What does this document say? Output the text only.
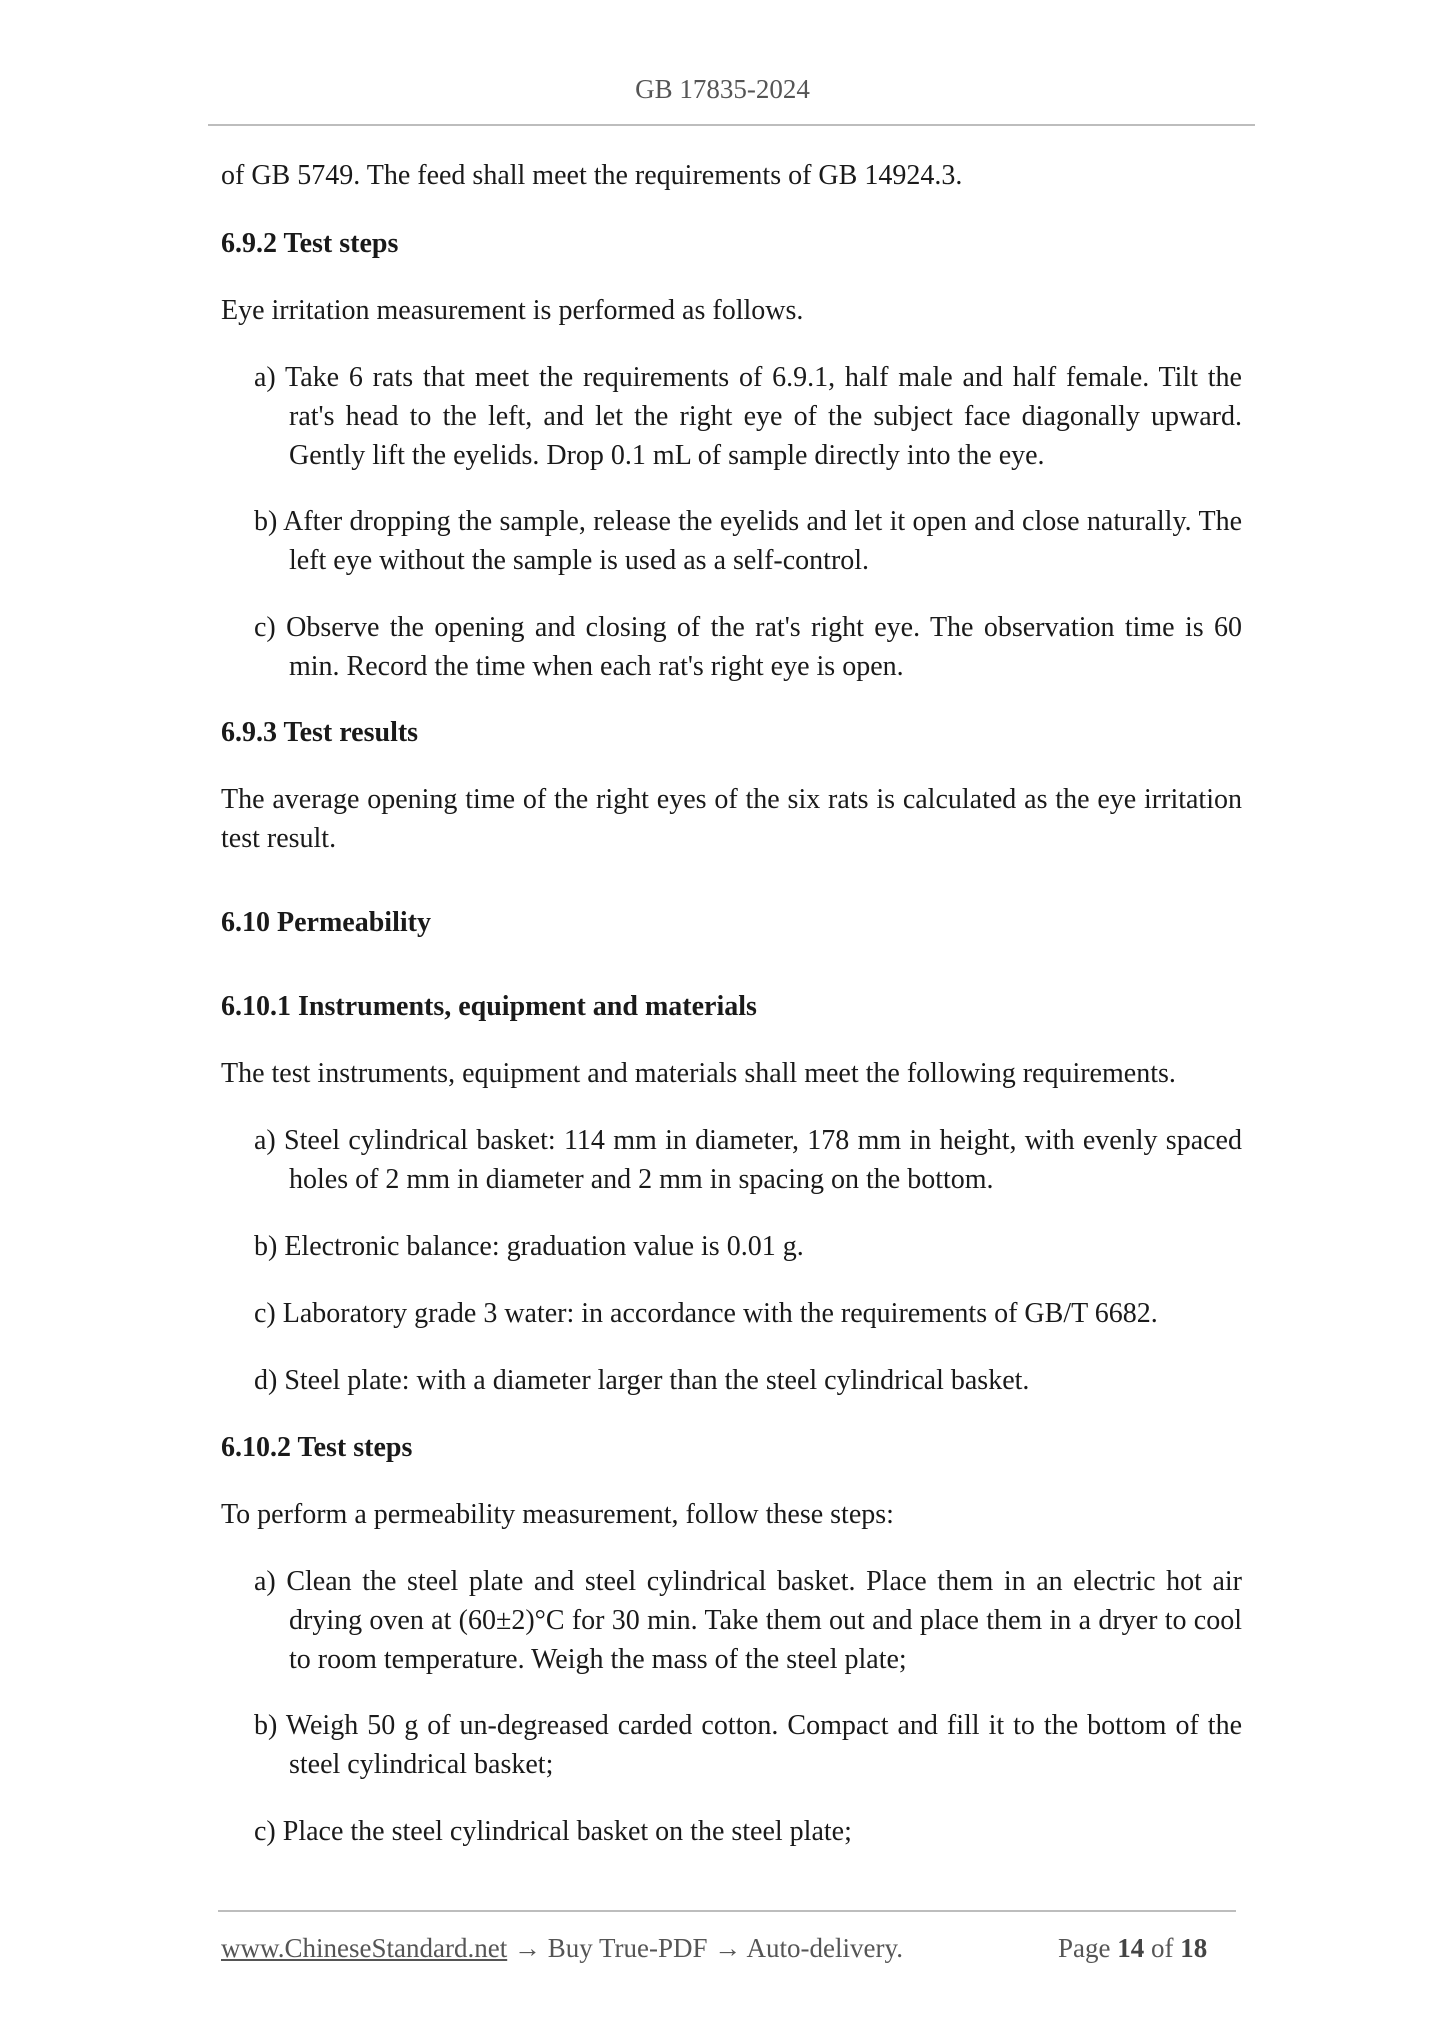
GB 17835-2024
of GB 5749. The feed shall meet the requirements of GB 14924.3.
6.9.2 Test steps
Eye irritation measurement is performed as follows.
a) Take 6 rats that meet the requirements of 6.9.1, half male and half female. Tilt the rat's head to the left, and let the right eye of the subject face diagonally upward. Gently lift the eyelids. Drop 0.1 mL of sample directly into the eye.
b) After dropping the sample, release the eyelids and let it open and close naturally. The left eye without the sample is used as a self-control.
c) Observe the opening and closing of the rat's right eye. The observation time is 60 min. Record the time when each rat's right eye is open.
6.9.3 Test results
The average opening time of the right eyes of the six rats is calculated as the eye irritation test result.
6.10 Permeability
6.10.1 Instruments, equipment and materials
The test instruments, equipment and materials shall meet the following requirements.
a) Steel cylindrical basket: 114 mm in diameter, 178 mm in height, with evenly spaced holes of 2 mm in diameter and 2 mm in spacing on the bottom.
b) Electronic balance: graduation value is 0.01 g.
c) Laboratory grade 3 water: in accordance with the requirements of GB/T 6682.
d) Steel plate: with a diameter larger than the steel cylindrical basket.
6.10.2 Test steps
To perform a permeability measurement, follow these steps:
a) Clean the steel plate and steel cylindrical basket. Place them in an electric hot air drying oven at (60±2)°C for 30 min. Take them out and place them in a dryer to cool to room temperature. Weigh the mass of the steel plate;
b) Weigh 50 g of un-degreased carded cotton. Compact and fill it to the bottom of the steel cylindrical basket;
c) Place the steel cylindrical basket on the steel plate;
www.ChineseStandard.net → Buy True-PDF → Auto-delivery.	Page 14 of 18
